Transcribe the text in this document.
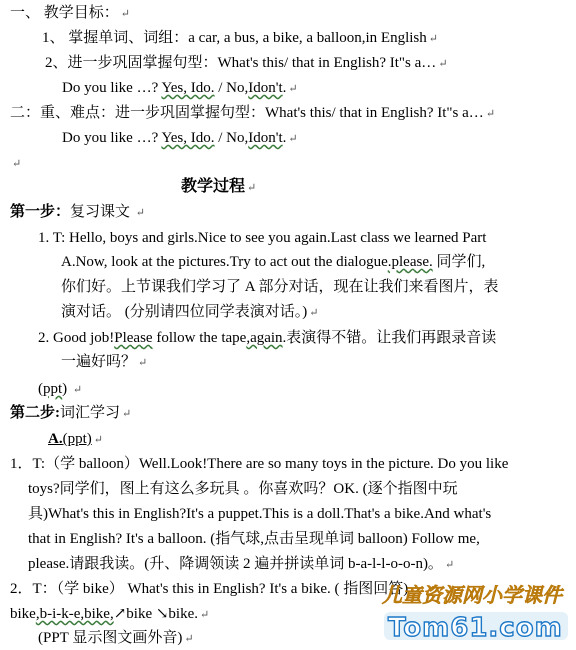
一、 教学目标： ↵
1、 掌握单词、词组：a car, a bus, a bike, a balloon,in English ↵
2、进一步巩固掌握句型：What's this/ that in English? It"s a… ↵
Do you like …? Yes, Ido. / No,Idon't. ↵
二：重、难点：进一步巩固掌握句型：What's this/ that in English? It"s a… ↵
Do you like …? Yes, Ido. / No,Idon't. ↵
↵
教学过程 ↵
第一步：复习课文 ↵
1. T: Hello, boys and girls.Nice to see you again.Last class we learned Part
A.Now, look at the pictures.Try to act out the dialogue.please. 同学们,
你们好。上节课我们学习了 A 部分对话，现在让我们来看图片，表
演对话。 (分别请四位同学表演对话。) ↵
2. Good job!Please follow the tape,again.表演得不错。让我们再跟录音读
一遍好吗？ ↵
(ppt) ↵
第二步:词汇学习 ↵
A.(ppt) ↵
1．T:（学 balloon）Well.Look!There are so many toys in the picture. Do you like
toys?同学们，图上有这么多玩具 。你喜欢吗？OK. (逐个指图中玩
具)What's this in English?It's a puppet.This is a doll.That's a bike.And what's
that in English? It's a balloon. (指气球,点击呈现单词 balloon) Follow me,
please.请跟我读。(升、降调领读 2 遍并拼读单词 b-a-l-l-o-o-n)。 ↵
2．T：（学 bike） What's this in English? It's a bike. ( 指图回答)
bike,b-i-k-e,bike,↗bike ↘bike. ↵
(PPT 显示图文画外音) ↵
儿童资源网小学课件
Tom61.com
